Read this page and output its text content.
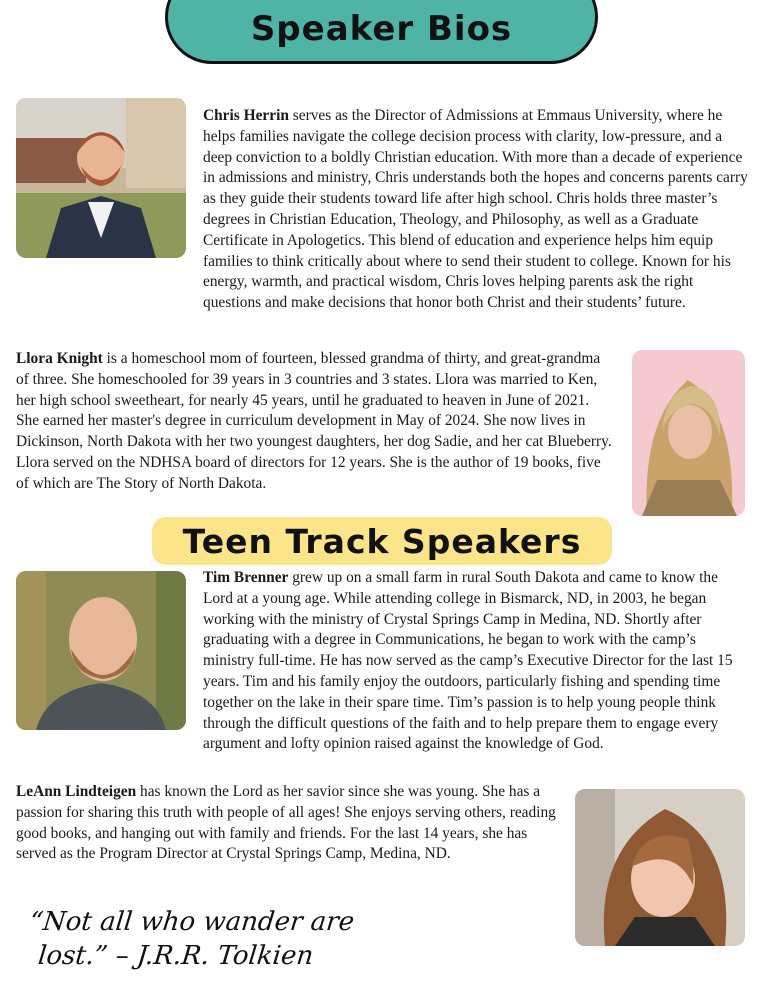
Speaker Bios

Chris Herrin serves as the Director of Admissions at Emmaus University, where he helps families navigate the college decision process with clarity, low-pressure, and a deep conviction to a boldly Christian education. With more than a decade of experience in admissions and ministry, Chris understands both the hopes and concerns parents carry as they guide their students toward life after high school. Chris holds three master’s degrees in Christian Education, Theology, and Philosophy, as well as a Graduate Certificate in Apologetics. This blend of education and experience helps him equip families to think critically about where to send their student to college. Known for his energy, warmth, and practical wisdom, Chris loves helping parents ask the right questions and make decisions that honor both Christ and their students’ future.

Llora Knight is a homeschool mom of fourteen, blessed grandma of thirty, and great-grandma of three. She homeschooled for 39 years in 3 countries and 3 states. Llora was married to Ken, her high school sweetheart, for nearly 45 years, until he graduated to heaven in June of 2021. She earned her master's degree in curriculum development in May of 2024. She now lives in Dickinson, North Dakota with her two youngest daughters, her dog Sadie, and her cat Blueberry. Llora served on the NDHSA board of directors for 12 years. She is the author of 19 books, five of which are The Story of North Dakota.

Teen Track Speakers

Tim Brenner grew up on a small farm in rural South Dakota and came to know the Lord at a young age. While attending college in Bismarck, ND, in 2003, he began working with the ministry of Crystal Springs Camp in Medina, ND. Shortly after graduating with a degree in Communications, he began to work with the camp’s ministry full-time. He has now served as the camp’s Executive Director for the last 15 years. Tim and his family enjoy the outdoors, particularly fishing and spending time together on the lake in their spare time. Tim’s passion is to help young people think through the difficult questions of the faith and to help prepare them to engage every argument and lofty opinion raised against the knowledge of God.

LeAnn Lindteigen has known the Lord as her savior since she was young. She has a passion for sharing this truth with people of all ages! She enjoys serving others, reading good books, and hanging out with family and friends. For the last 14 years, she has served as the Program Director at Crystal Springs Camp, Medina, ND.

“Not all who wander are
lost.” – J.R.R. Tolkien
